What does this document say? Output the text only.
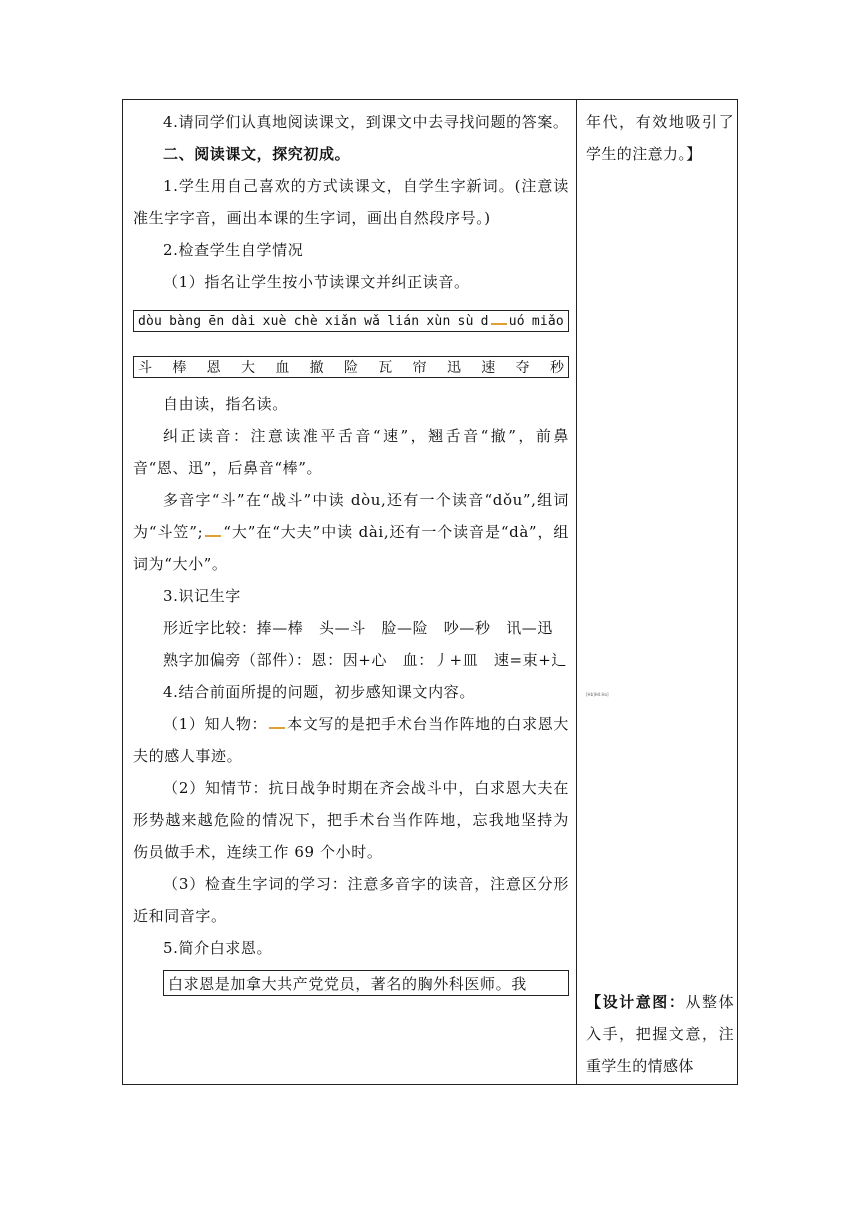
4.请同学们认真地阅读课文，到课文中去寻找问题的答案。

二、阅读课文，探究初成。

1.学生用自己喜欢的方式读课文，自学生字新词。(注意读准生字字音，画出本课的生字词，画出自然段序号。)

2.检查学生自学情况

（1）指名让学生按小节读课文并纠正读音。

dòu bàng ēn dài xuè chè xiǎn wǎ lián xùn sù d uó miǎo
斗 棒 恩 大 血 撤 险 瓦 帘 迅 速 夺 秒

自由读，指名读。

纠正读音：注意读准平舌音“速”，翘舌音“撤”，前鼻音“恩、迅”，后鼻音“棒”。

多音字“斗”在“战斗”中读 dòu,还有一个读音“dǒu”,组词为“斗笠”; “大”在“大夫”中读 dài,还有一个读音是“dà”，组词为“大小”。

3.识记生字

形近字比较：捧—棒　头—斗　脸—险　吵—秒　讯—迅

熟字加偏旁（部件）：恩：因+心　血：丿+皿　速=束+辶

4.结合前面所提的问题，初步感知课文内容。

（1）知人物： 本文写的是把手术台当作阵地的白求恩大夫的感人事迹。

（2）知情节：抗日战争时期在齐会战斗中，白求恩大夫在形势越来越危险的情况下，把手术台当作阵地，忘我地坚持为伤员做手术，连续工作 69 个小时。

（3）检查生字词的学习：注意多音字的读音，注意区分形近和同音字。

5.简介白求恩。

白求恩是加拿大共产党党员，著名的胸外科医师。我

年代，有效地吸引了学生的注意力。】

[Hb]H4.Ha]

【设计意图：从整体入手，把握文意，注重学生的情感体
